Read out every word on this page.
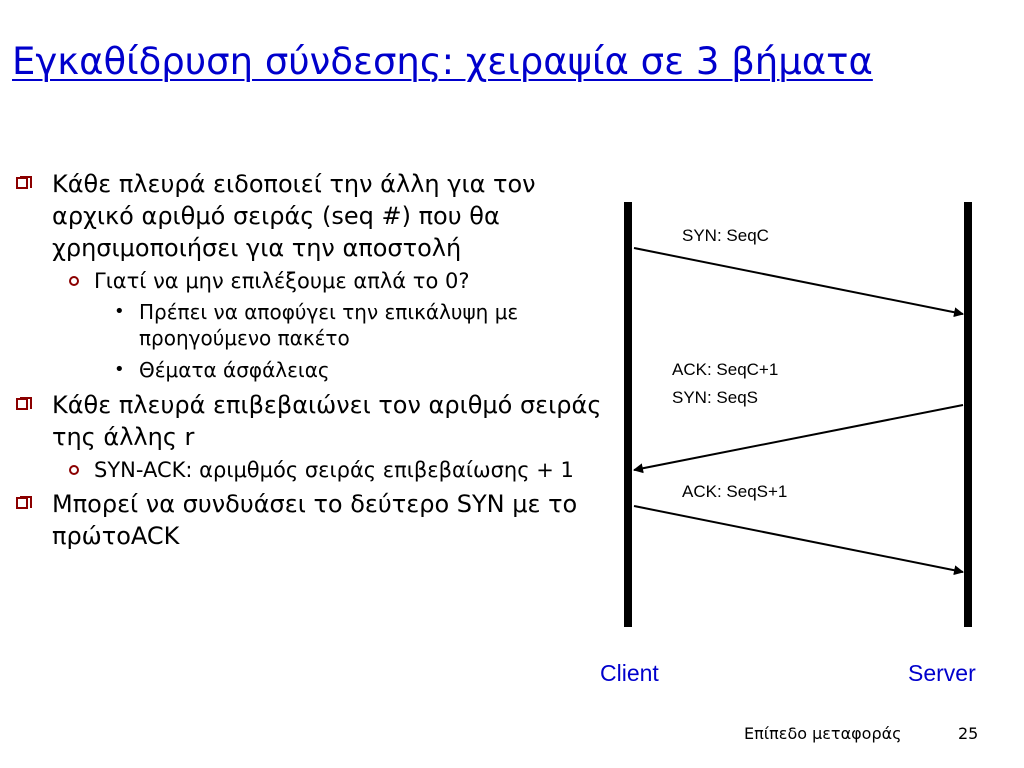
Εγκαθίδρυση σύνδεσης: χειραψία σε 3 βήματα
Κάθε πλευρά ειδοποιεί την άλλη για τον αρχικό αριθμό σειράς (seq #) που θα χρησιμοποιήσει για την αποστολή
Γιατί να μην επιλέξουμε απλά το 0?
• Πρέπει να αποφύγει την επικάλυψη με προηγούμενο πακέτο
• Θέματα άσφάλειας
Κάθε πλευρά επιβεβαιώνει τον αριθμό σειράς της άλλης r
SYN-ACK: αριμθμός σειράς επιβεβαίωσης + 1
Μπορεί να συνδυάσει το δεύτερο SYN με το πρώτοACK
SYN: SeqC
ACK: SeqC+1
SYN: SeqS
ACK: SeqS+1
Client	Server
Επίπεδο μεταφοράς	25
